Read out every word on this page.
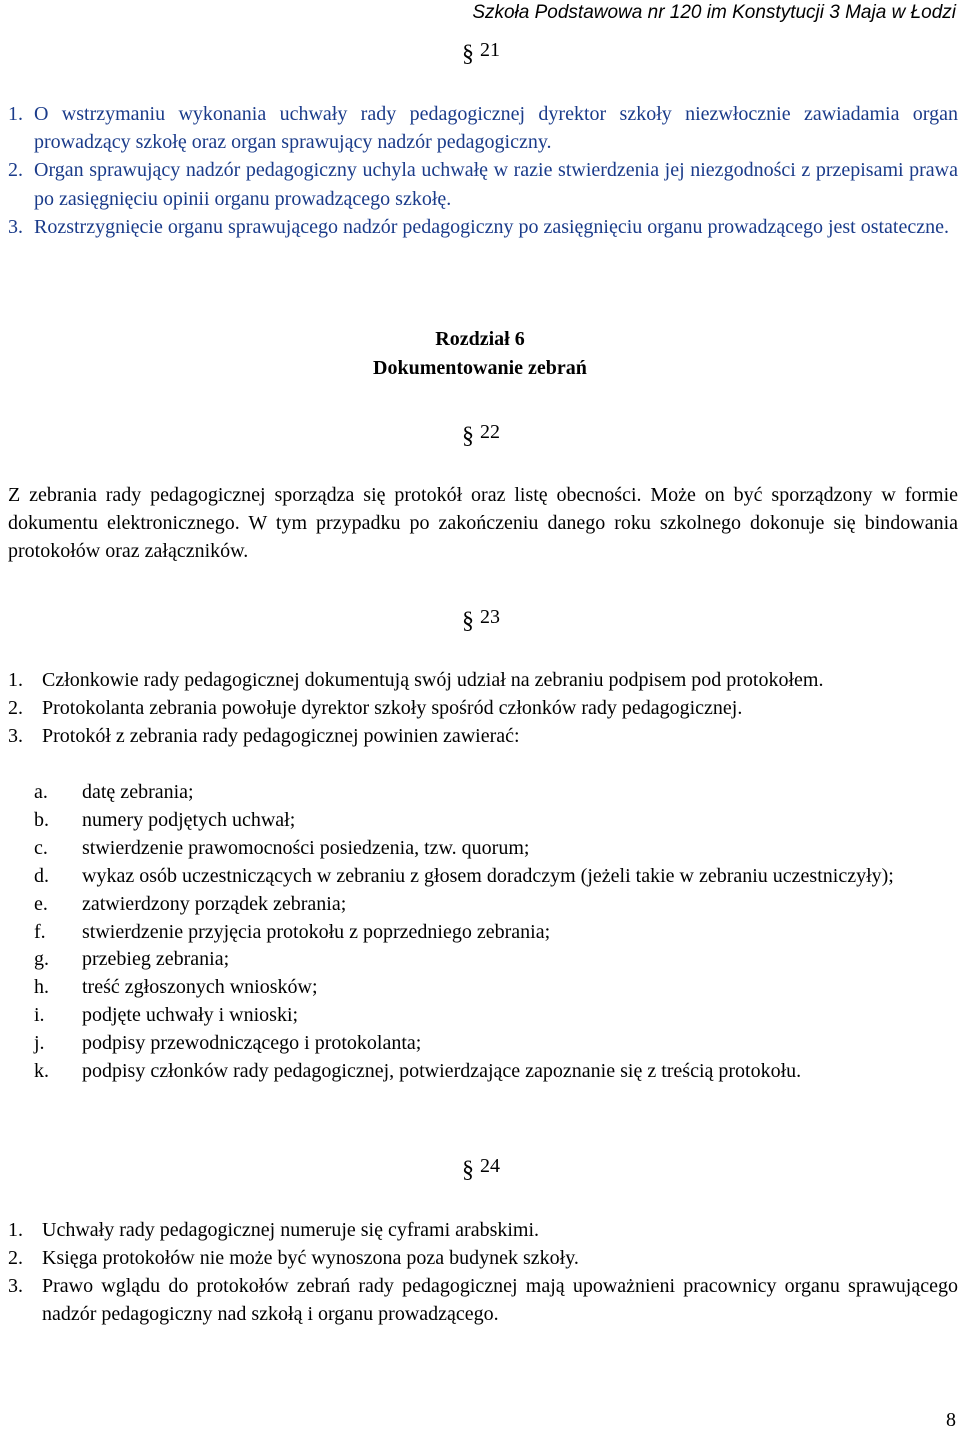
Szkoła Podstawowa nr 120 im Konstytucji 3 Maja w Łodzi
§ 21
1. O wstrzymaniu wykonania uchwały rady pedagogicznej dyrektor szkoły niezwłocznie zawiadamia organ prowadzący szkołę oraz organ sprawujący nadzór pedagogiczny.
2. Organ sprawujący nadzór pedagogiczny uchyla uchwałę w razie stwierdzenia jej niezgodności z przepisami prawa po zasięgnięciu opinii organu prowadzącego szkołę.
3. Rozstrzygnięcie organu sprawującego nadzór pedagogiczny po zasięgnięciu organu prowadzącego jest ostateczne.
Rozdział 6
Dokumentowanie zebrań
§ 22
Z zebrania rady pedagogicznej sporządza się protokół oraz listę obecności. Może on być sporządzony w formie dokumentu elektronicznego. W tym przypadku po zakończeniu danego roku szkolnego dokonuje się bindowania protokołów oraz załączników.
§ 23
1. Członkowie rady pedagogicznej dokumentują swój udział na zebraniu podpisem pod protokołem.
2. Protokolanta zebrania powołuje dyrektor szkoły spośród członków rady pedagogicznej.
3. Protokół z zebrania rady pedagogicznej powinien zawierać:
a. datę zebrania;
b. numery podjętych uchwał;
c. stwierdzenie prawomocności posiedzenia, tzw. quorum;
d. wykaz osób uczestniczących w zebraniu z głosem doradczym (jeżeli takie w zebraniu uczestniczyły);
e. zatwierdzony porządek zebrania;
f. stwierdzenie przyjęcia protokołu z poprzedniego zebrania;
g. przebieg zebrania;
h. treść zgłoszonych wniosków;
i. podjęte uchwały i wnioski;
j. podpisy przewodniczącego i protokolanta;
k. podpisy członków rady pedagogicznej, potwierdzające zapoznanie się z treścią protokołu.
§ 24
1. Uchwały rady pedagogicznej numeruje się cyframi arabskimi.
2. Księga protokołów nie może być wynoszona poza budynek szkoły.
3. Prawo wglądu do protokołów zebrań rady pedagogicznej mają upoważnieni pracownicy organu sprawującego nadzór pedagogiczny nad szkołą i organu prowadzącego.
8
